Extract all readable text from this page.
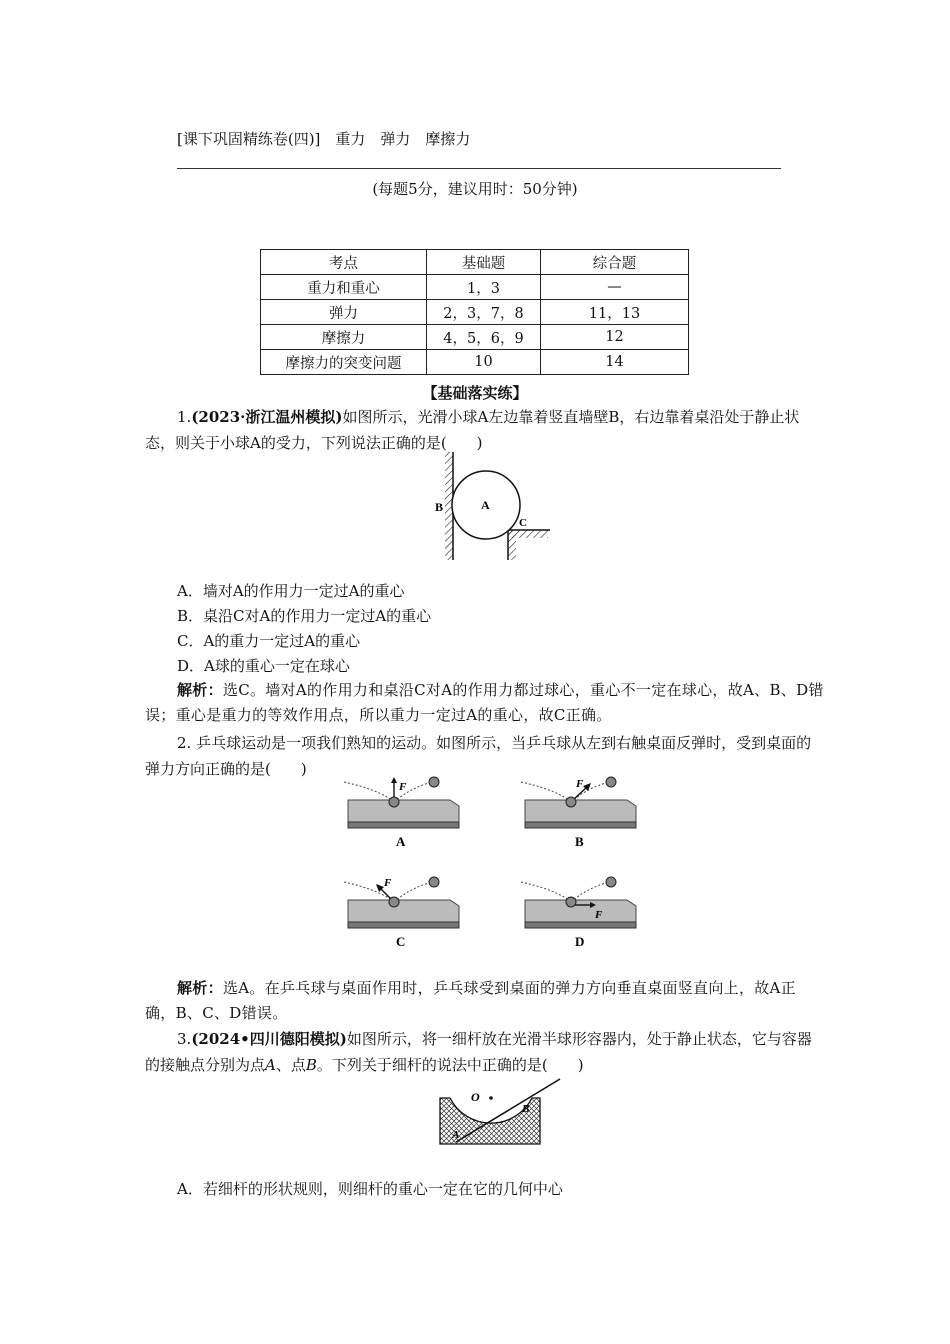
[课下巩固精练卷(四)]　重力　弹力　摩擦力
(每题5分，建议用时：50分钟)
考点	基础题	综合题
重力和重心	1，3	—
弹力	2，3，7，8	11，13
摩擦力	4，5，6，9	12
摩擦力的突变问题	10	14
【基础落实练】
1.(2023·浙江温州模拟)如图所示，光滑小球A左边靠着竖直墙壁B，右边靠着桌沿处于静止状态，则关于小球A的受力，下列说法正确的是(　　)
A
B
C
A．墙对A的作用力一定过A的重心
B．桌沿C对A的作用力一定过A的重心
C．A的重力一定过A的重心
D．A球的重心一定在球心
解析：选C。墙对A的作用力和桌沿C对A的作用力都过球心，重心不一定在球心，故A、B、D错误；重心是重力的等效作用点，所以重力一定过A的重心，故C正确。
2. 乒乓球运动是一项我们熟知的运动。如图所示，当乒乓球从左到右触桌面反弹时，受到桌面的弹力方向正确的是(　　)
F
A
F
B
F
C
F
D
解析：选A。在乒乓球与桌面作用时，乒乓球受到桌面的弹力方向垂直桌面竖直向上，故A正确，B、C、D错误。
3.(2024•四川德阳模拟)如图所示，将一细杆放在光滑半球形容器内，处于静止状态，它与容器的接触点分别为点A、点B。下列关于细杆的说法中正确的是(　　)
O
A
B
A．若细杆的形状规则，则细杆的重心一定在它的几何中心
